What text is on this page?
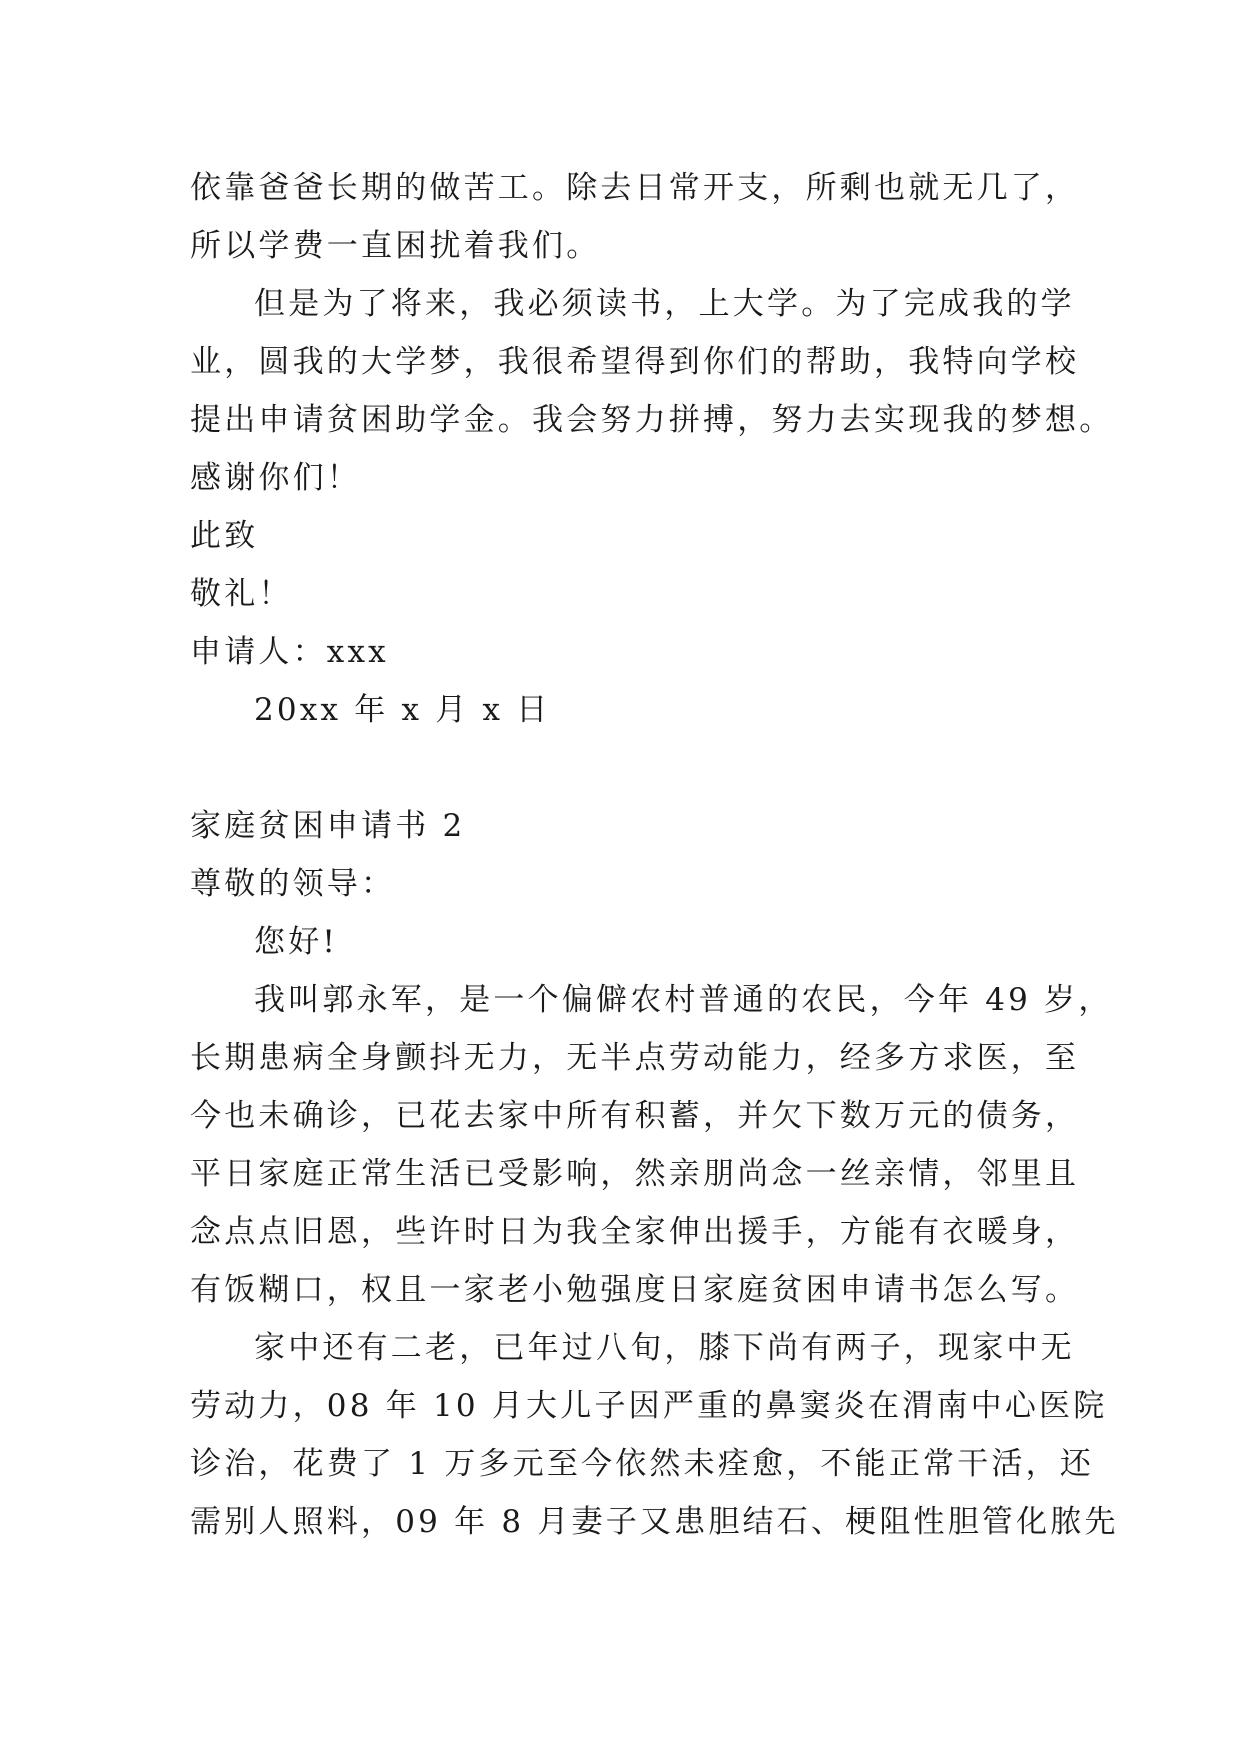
依靠爸爸长期的做苦工。除去日常开支，所剩也就无几了，
所以学费一直困扰着我们。
但是为了将来，我必须读书，上大学。为了完成我的学
业，圆我的大学梦，我很希望得到你们的帮助，我特向学校
提出申请贫困助学金。我会努力拼搏，努力去实现我的梦想。
感谢你们！
此致
敬礼！
申请人：xxx
20xx 年 x 月 x 日
家庭贫困申请书 2
尊敬的领导：
您好!
我叫郭永军，是一个偏僻农村普通的农民，今年 49 岁，
长期患病全身颤抖无力，无半点劳动能力，经多方求医，至
今也未确诊，已花去家中所有积蓄，并欠下数万元的债务，
平日家庭正常生活已受影响，然亲朋尚念一丝亲情，邻里且
念点点旧恩，些许时日为我全家伸出援手，方能有衣暖身，
有饭糊口，权且一家老小勉强度日家庭贫困申请书怎么写。
家中还有二老，已年过八旬，膝下尚有两子，现家中无
劳动力，08 年 10 月大儿子因严重的鼻窦炎在渭南中心医院
诊治，花费了 1 万多元至今依然未痊愈，不能正常干活，还
需别人照料，09 年 8 月妻子又患胆结石、梗阻性胆管化脓先
